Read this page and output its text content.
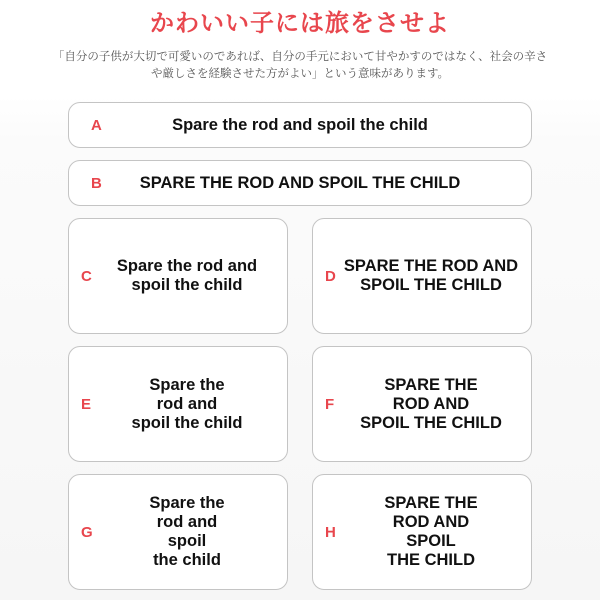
かわいい子には旅をさせよ

「自分の子供が大切で可愛いのであれば、自分の手元において甘やかすのではなく、社会の辛さや厳しさを経験させた方がよい」という意味があります。

A	Spare the rod and spoil the child
B	SPARE THE ROD AND SPOIL THE CHILD
C
Spare the rod and
spoil the child	D
SPARE THE ROD AND
SPOIL THE CHILD
E
Spare the
rod and
spoil the child
F
SPARE THE
ROD AND
SPOIL THE CHILD
G
Spare the
rod and
spoil
the child
H
SPARE THE
ROD AND
SPOIL
THE CHILD
